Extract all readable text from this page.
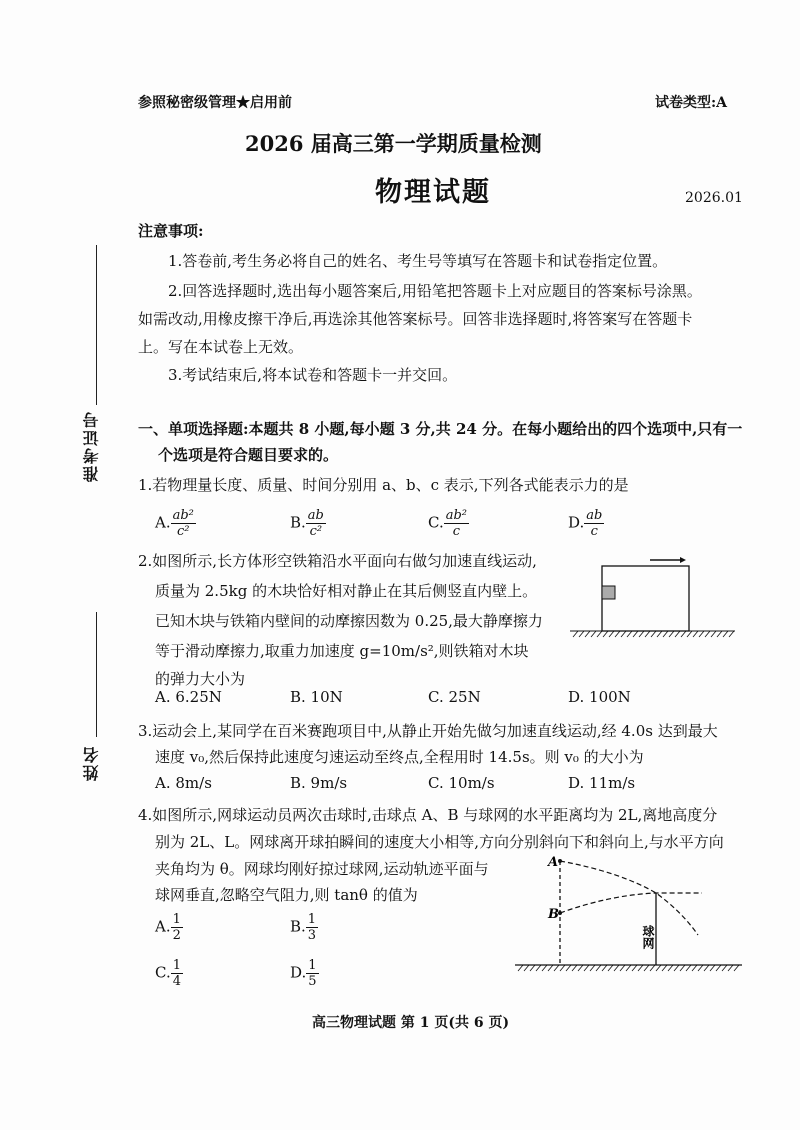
参照秘密级管理★启用前	试卷类型:A
2026 届高三第一学期质量检测
物理试题	2026.01
准考证号
姓名
注意事项:
1.答卷前,考生务必将自己的姓名、考生号等填写在答题卡和试卷指定位置。
2.回答选择题时,选出每小题答案后,用铅笔把答题卡上对应题目的答案标号涂黑。
如需改动,用橡皮擦干净后,再选涂其他答案标号。回答非选择题时,将答案写在答题卡
上。写在本试卷上无效。
3.考试结束后,将本试卷和答题卡一并交回。
一、单项选择题:本题共 8 小题,每小题 3 分,共 24 分。在每小题给出的四个选项中,只有一
个选项是符合题目要求的。
1.若物理量长度、质量、时间分别用 a、b、c 表示,下列各式能表示力的是
A. $\frac{\text{ab²}}{\text{c²}}$	B. $\frac{ab}{\text{c²}}$	C. $\frac{\text{ab²}}{c}$	D. $\frac{ab}{c}$
2.如图所示,长方体形空铁箱沿水平面向右做匀加速直线运动,
质量为 2.5kg 的木块恰好相对静止在其后侧竖直内壁上。
已知木块与铁箱内壁间的动摩擦因数为 0.25,最大静摩擦力
等于滑动摩擦力,取重力加速度 g=10m/s²,则铁箱对木块
的弹力大小为
A. 6.25N	B. 10N	C. 25N	D. 100N
3.运动会上,某同学在百米赛跑项目中,从静止开始先做匀加速直线运动,经 4.0s 达到最大
速度 v₀,然后保持此速度匀速运动至终点,全程用时 14.5s。则 v₀ 的大小为
A. 8m/s	B. 9m/s	C. 10m/s	D. 11m/s
4.如图所示,网球运动员两次击球时,击球点 A、B 与球网的水平距离均为 2L,离地高度分
别为 2L、L。网球离开球拍瞬间的速度大小相等,方向分别斜向下和斜向上,与水平方向
夹角均为 θ。网球均刚好掠过球网,运动轨迹平面与
球网垂直,忽略空气阻力,则 tanθ 的值为
A. $\frac{1}{2}$	B. $\frac{1}{3}$
C. $\frac{1}{4}$	D. $\frac{1}{5}$
A
B
球网
高三物理试题 第 1 页(共 6 页)
